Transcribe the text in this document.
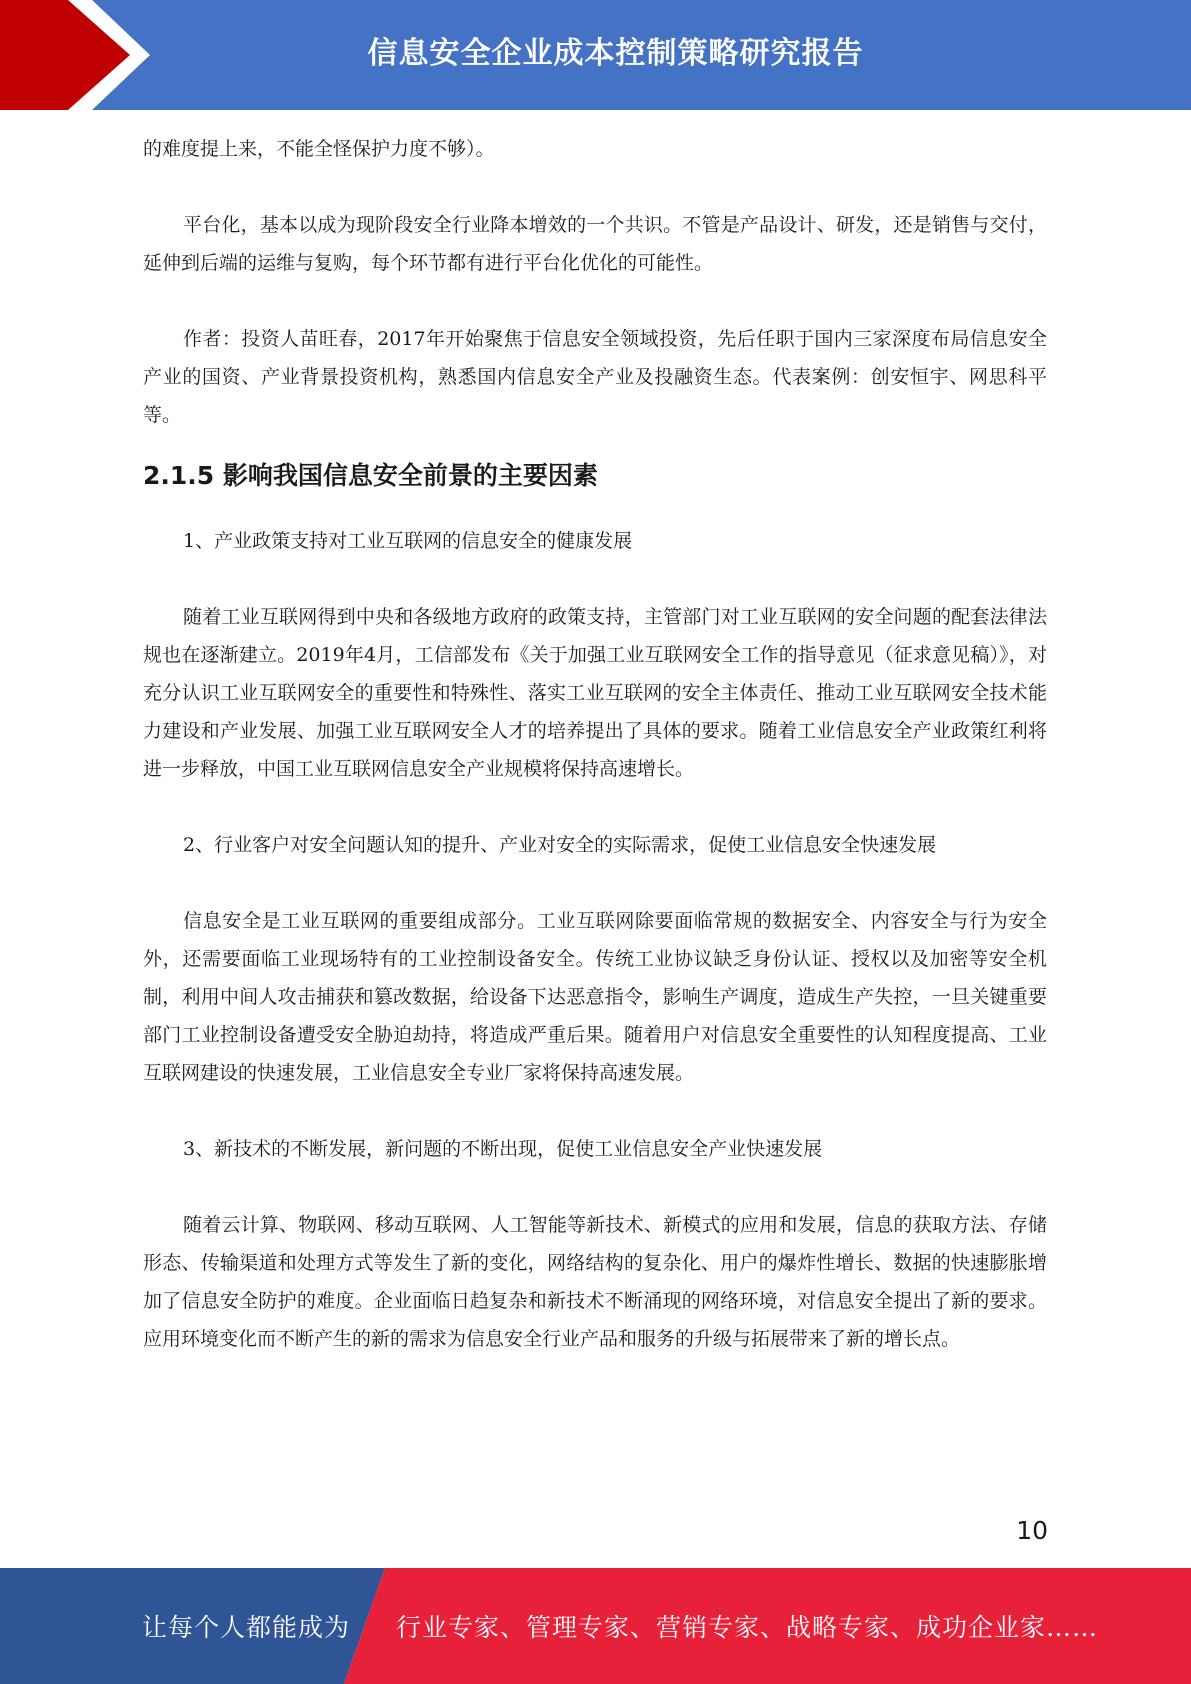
信息安全企业成本控制策略研究报告

的难度提上来，不能全怪保护力度不够）。

平台化，基本以成为现阶段安全行业降本增效的一个共识。不管是产品设计、研发，还是销售与交付，延伸到后端的运维与复购，每个环节都有进行平台化优化的可能性。

作者：投资人苗旺春，2017年开始聚焦于信息安全领域投资，先后任职于国内三家深度布局信息安全产业的国资、产业背景投资机构，熟悉国内信息安全产业及投融资生态。代表案例：创安恒宇、网思科平等。

2.1.5 影响我国信息安全前景的主要因素

1、产业政策支持对工业互联网的信息安全的健康发展

随着工业互联网得到中央和各级地方政府的政策支持，主管部门对工业互联网的安全问题的配套法律法规也在逐渐建立。2019年4月，工信部发布《关于加强工业互联网安全工作的指导意见（征求意见稿）》，对充分认识工业互联网安全的重要性和特殊性、落实工业互联网的安全主体责任、推动工业互联网安全技术能力建设和产业发展、加强工业互联网安全人才的培养提出了具体的要求。随着工业信息安全产业政策红利将进一步释放，中国工业互联网信息安全产业规模将保持高速增长。

2、行业客户对安全问题认知的提升、产业对安全的实际需求，促使工业信息安全快速发展

信息安全是工业互联网的重要组成部分。工业互联网除要面临常规的数据安全、内容安全与行为安全外，还需要面临工业现场特有的工业控制设备安全。传统工业协议缺乏身份认证、授权以及加密等安全机制，利用中间人攻击捕获和篡改数据，给设备下达恶意指令，影响生产调度，造成生产失控，一旦关键重要部门工业控制设备遭受安全胁迫劫持，将造成严重后果。随着用户对信息安全重要性的认知程度提高、工业互联网建设的快速发展，工业信息安全专业厂家将保持高速发展。

3、新技术的不断发展，新问题的不断出现，促使工业信息安全产业快速发展

随着云计算、物联网、移动互联网、人工智能等新技术、新模式的应用和发展，信息的获取方法、存储形态、传输渠道和处理方式等发生了新的变化，网络结构的复杂化、用户的爆炸性增长、数据的快速膨胀增加了信息安全防护的难度。企业面临日趋复杂和新技术不断涌现的网络环境，对信息安全提出了新的要求。应用环境变化而不断产生的新的需求为信息安全行业产品和服务的升级与拓展带来了新的增长点。

10
让每个人都能成为 行业专家、管理专家、营销专家、战略专家、成功企业家……
